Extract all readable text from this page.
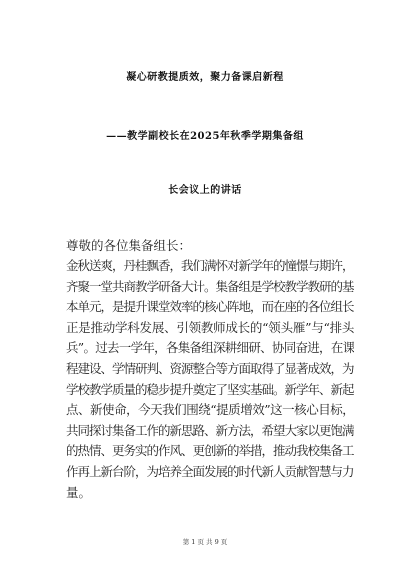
凝心研教提质效，聚力备课启新程
——教学副校长在2025年秋季学期集备组
长会议上的讲话
尊敬的各位集备组长：
金秋送爽，丹桂飘香，我们满怀对新学年的憧憬与期许，
齐聚一堂共商教学研备大计。集备组是学校教学教研的基
本单元，是提升课堂效率的核心阵地，而在座的各位组长
正是推动学科发展、引领教师成长的“领头雁”与“排头
兵”。过去一学年，各集备组深耕细研、协同奋进，在课
程建设、学情研判、资源整合等方面取得了显著成效，为
学校教学质量的稳步提升奠定了坚实基础。新学年、新起
点、新使命，今天我们围绕“提质增效”这一核心目标，
共同探讨集备工作的新思路、新方法，希望大家以更饱满
的热情、更务实的作风、更创新的举措，推动我校集备工
作再上新台阶，为培养全面发展的时代新人贡献智慧与力
量。
第 1 页 共 9 页
